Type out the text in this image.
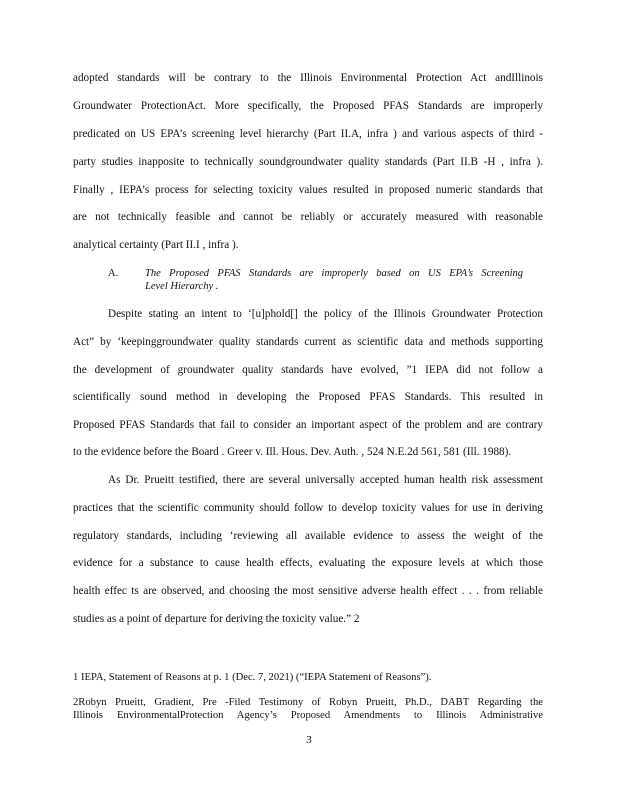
adopted standards will be contrary to the Illinois Environmental Protection Act andIllinois
Groundwater ProtectionAct. More specifically, the Proposed PFAS Standards are improperly
predicated on US EPA’s screening level hierarchy (Part II.A, infra ) and various aspects of third -
party studies inapposite to technically soundgroundwater quality standards (Part II.B -H , infra ).
Finally , IEPA’s process for selecting toxicity values resulted in proposed numeric standards that
are not technically feasible and cannot be reliably or accurately measured with reasonable
analytical certainty (Part II.I , infra ).
A.	The Proposed PFAS Standards are improperly based on US EPA’s Screening
Level Hierarchy .
Despite stating an intent to ‘[u]phold[] the policy of the Illinois Groundwater Protection
Act” by ‘keepinggroundwater quality standards current as scientific data and methods supporting
the development of groundwater quality standards have evolved, ”1 IEPA did not follow a
scientifically sound method in developing the Proposed PFAS Standards. This resulted in
Proposed PFAS Standards that fail to consider an important aspect of the problem and are contrary
to the evidence before the Board . Greer v. Ill. Hous. Dev. Auth. , 524 N.E.2d 561, 581 (Ill. 1988).
As Dr. Prueitt testified, there are several universally accepted human health risk assessment
practices that the scientific community should follow to develop toxicity values for use in deriving
regulatory standards, including ‘reviewing all available evidence to assess the weight of the
evidence for a substance to cause health effects, evaluating the exposure levels at which those
health effec ts are observed, and choosing the most sensitive adverse health effect . . . from reliable
studies as a point of departure for deriving the toxicity value.” 2
1 IEPA, Statement of Reasons at p. 1 (Dec. 7, 2021) (“IEPA Statement of Reasons”).
2Robyn Prueitt, Gradient, Pre -Filed Testimony of Robyn Prueitt, Ph.D., DABT Regarding the
Illinois EnvironmentalProtection Agency’s Proposed Amendments to Illinois Administrative
3
